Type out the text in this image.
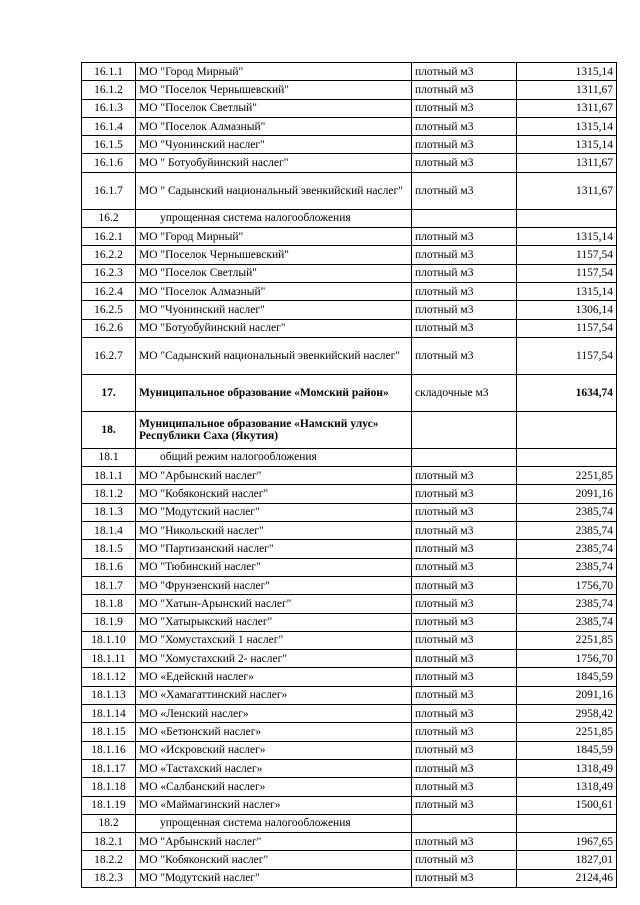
16.1.1	МО "Город Мирный"	плотный м3	1315,14
16.1.2	МО "Поселок Чернышевский"	плотный м3	1311,67
16.1.3	МО "Поселок Светлый"	плотный м3	1311,67
16.1.4	МО "Поселок Алмазный"	плотный м3	1315,14
16.1.5	МО "Чуонинский наслег"	плотный м3	1315,14
16.1.6	МО " Ботуобуйинский наслег"	плотный м3	1311,67
16.1.7	МО " Садынский национальный эвенкийский наслег"	плотный м3	1311,67
16.2	упрощенная система налогообложения		
16.2.1	МО "Город Мирный"	плотный м3	1315,14
16.2.2	МО "Поселок Чернышевский"	плотный м3	1157,54
16.2.3	МО "Поселок Светлый"	плотный м3	1157,54
16.2.4	МО "Поселок Алмазный"	плотный м3	1315,14
16.2.5	МО "Чуонинский наслег"	плотный м3	1306,14
16.2.6	МО "Ботуобуйинский наслег"	плотный м3	1157,54
16.2.7	МО "Садынский национальный эвенкийский наслег"	плотный м3	1157,54
17.	Муниципальное образование «Момский район»	складочные м3	1634,74
18.	Муниципальное образование «Намский улус» Республики Саха (Якутия)		
18.1	общий режим налогообложения		
18.1.1	МО "Арбынский наслег"	плотный м3	2251,85
18.1.2	МО "Кобяконский наслег"	плотный м3	2091,16
18.1.3	МО "Модутский наслег"	плотный м3	2385,74
18.1.4	МО "Никольский наслег"	плотный м3	2385,74
18.1.5	МО "Партизанский наслег"	плотный м3	2385,74
18.1.6	МО "Тюбинский наслег"	плотный м3	2385,74
18.1.7	МО "Фрунзенский наслег"	плотный м3	1756,70
18.1.8	МО "Хатын-Арынский наслег"	плотный м3	2385,74
18.1.9	МО "Хатырыкский наслег"	плотный м3	2385,74
18.1.10	МО "Хомустахский 1 наслег"	плотный м3	2251,85
18.1.11	МО "Хомустахский 2- наслег"	плотный м3	1756,70
18.1.12	МО «Едейский наслег»	плотный м3	1845,59
18.1.13	МО «Хамагаттинский наслег»	плотный м3	2091,16
18.1.14	МО «Ленский наслег»	плотный м3	2958,42
18.1.15	МО «Бетюнский наслег»	плотный м3	2251,85
18.1.16	МО «Искровский наслег»	плотный м3	1845,59
18.1.17	МО «Тастахский наслег»	плотный м3	1318,49
18.1.18	МО «Салбанский наслег»	плотный м3	1318,49
18.1.19	МО «Маймагинский наслег»	плотный м3	1500,61
18.2	упрощенная система налогообложения		
18.2.1	МО "Арбынский наслег"	плотный м3	1967,65
18.2.2	МО "Кобяконский наслег"	плотный м3	1827,01
18.2.3	МО "Модутский наслег"	плотный м3	2124,46
